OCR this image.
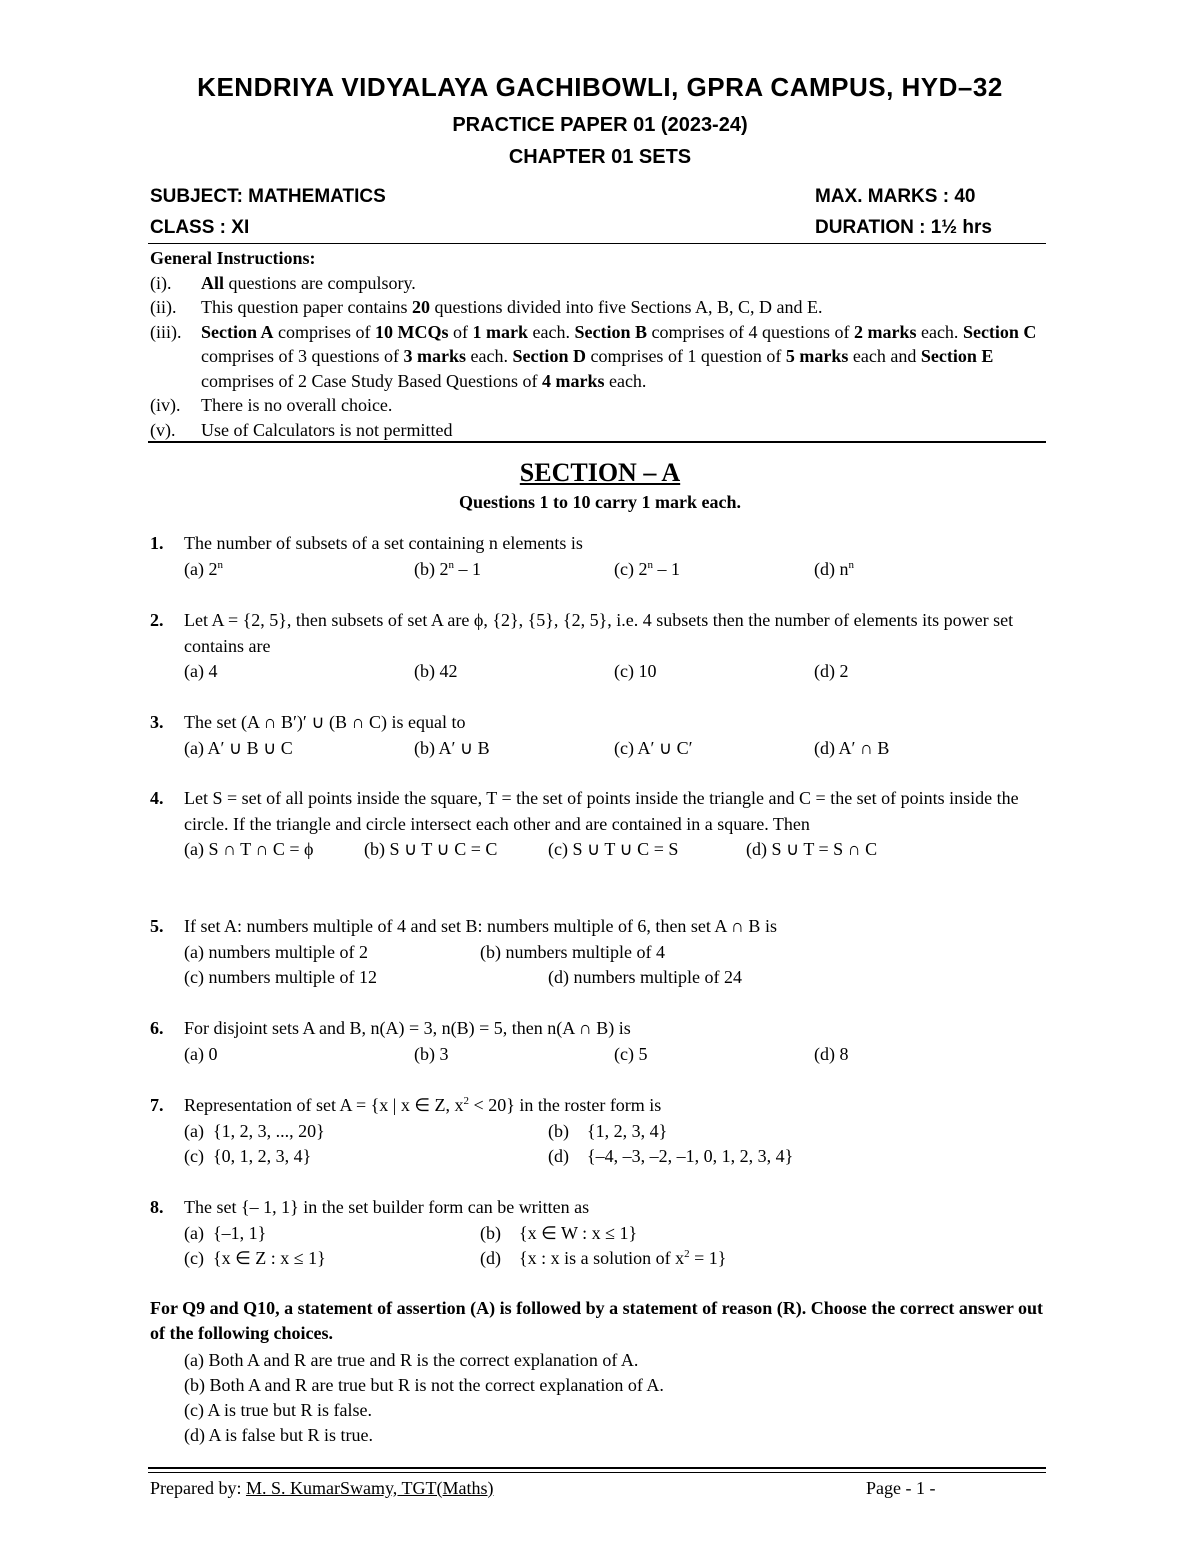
KENDRIYA VIDYALAYA GACHIBOWLI, GPRA CAMPUS, HYD–32
PRACTICE PAPER 01 (2023-24)
CHAPTER 01 SETS
SUBJECT: MATHEMATICS	MAX. MARKS : 40
CLASS : XI	DURATION : 1½ hrs
General Instructions:
(i).	All questions are compulsory.
(ii).	This question paper contains 20 questions divided into five Sections A, B, C, D and E.
(iii).	Section A comprises of 10 MCQs of 1 mark each. Section B comprises of 4 questions of 2 marks each. Section C comprises of 3 questions of 3 marks each. Section D comprises of 1 question of 5 marks each and Section E comprises of 2 Case Study Based Questions of 4 marks each.
(iv).	There is no overall choice.
(v).	Use of Calculators is not permitted
SECTION – A
Questions 1 to 10 carry 1 mark each.
1. The number of subsets of a set containing n elements is
(a) 2$^n$	(b) 2$^n$ – 1	(c) 2$^n$ – 1	(d) $n^n$
2. Let A = {2, 5}, then subsets of set A are ϕ, {2}, {5}, {2, 5}, i.e. 4 subsets then the number of elements its power set contains are
(a) 4	(b) 42	(c) 10	(d) 2
3. The set (A ∩ B′)′ ∪ (B ∩ C) is equal to
(a) A′ ∪ B ∪ C	(b) A′ ∪ B	(c) A′ ∪ C′	(d) A′ ∩ B
4. Let S = set of all points inside the square, T = the set of points inside the triangle and C = the set of points inside the circle. If the triangle and circle intersect each other and are contained in a square. Then
(a) S ∩ T ∩ C = ϕ	(b) S ∪ T ∪ C = C	(c) S ∪ T ∪ C = S	(d) S ∪ T = S ∩ C
5. If set A: numbers multiple of 4 and set B: numbers multiple of 6, then set A ∩ B is
(a) numbers multiple of 2	(b) numbers multiple of 4
(c) numbers multiple of 12	(d) numbers multiple of 24
6. For disjoint sets A and B, n(A) = 3, n(B) = 5, then n(A ∩ B) is
(a) 0	(b) 3	(c) 5	(d) 8
7. Representation of set A = {x | x ∈ Z, $x^2 < 20$} in the roster form is
(a)  {1, 2, 3, ..., 20}	(b)    {1, 2, 3, 4}
(c)  {0, 1, 2, 3, 4}	(d)    {–4, –3, –2, –1, 0, 1, 2, 3, 4}
8. The set {– 1, 1} in the set builder form can be written as
(a)  {–1, 1}	(b)    {x ∈ W : x ≤ 1}
(c)  {x ∈ Z : x ≤ 1}	(d)    {x : x is a solution of $x^2 = 1$}
For Q9 and Q10, a statement of assertion (A) is followed by a statement of reason (R). Choose the correct answer out of the following choices.
(a) Both A and R are true and R is the correct explanation of A.
(b) Both A and R are true but R is not the correct explanation of A.
(c) A is true but R is false.
(d) A is false but R is true.
Prepared by: M. S. KumarSwamy, TGT(Maths)	Page - 1 -
